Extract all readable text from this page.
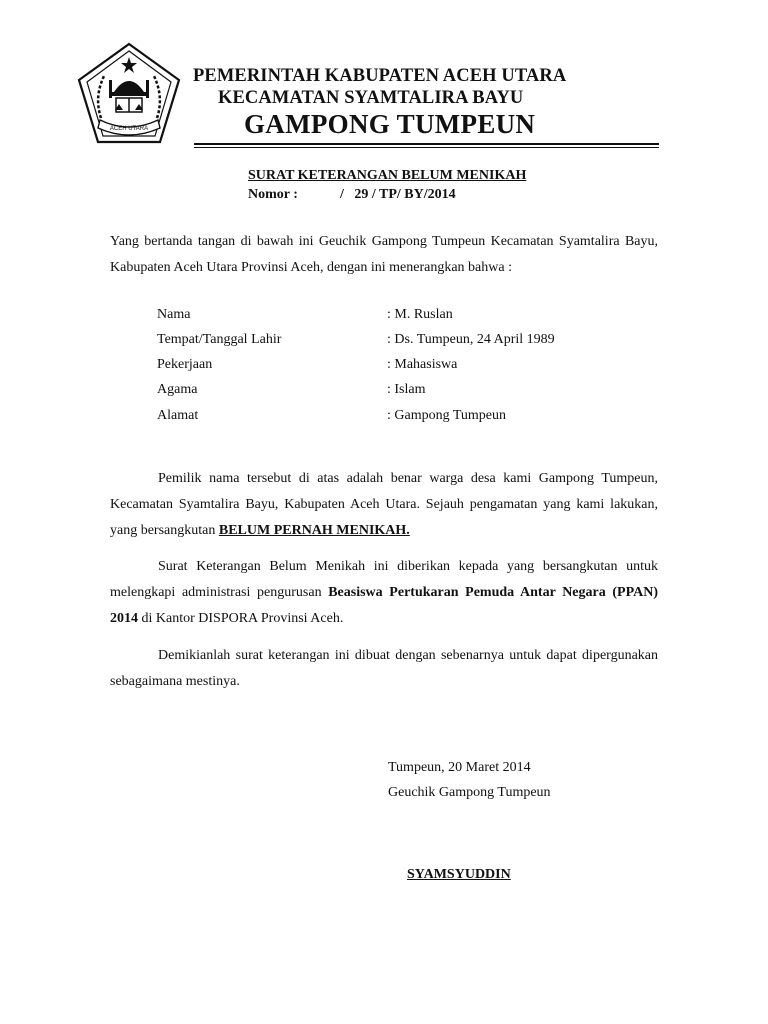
ACEH UTARA
PEMERINTAH KABUPATEN ACEH UTARA
KECAMATAN SYAMTALIRA BAYU
GAMPONG TUMPEUN
SURAT KETERANGAN BELUM MENIKAH
Nomor :	/   29 / TP/ BY/2014
Yang bertanda tangan di bawah ini Geuchik Gampong Tumpeun Kecamatan Syamtalira Bayu, Kabupaten Aceh Utara Provinsi Aceh, dengan ini menerangkan bahwa :
Nama	: M. Ruslan
Tempat/Tanggal Lahir	: Ds. Tumpeun, 24 April 1989
Pekerjaan	: Mahasiswa
Agama	: Islam
Alamat	: Gampong Tumpeun
Pemilik nama tersebut di atas adalah benar warga desa kami Gampong Tumpeun, Kecamatan Syamtalira Bayu, Kabupaten Aceh Utara. Sejauh pengamatan yang kami lakukan, yang bersangkutan BELUM PERNAH MENIKAH.
Surat Keterangan Belum Menikah ini diberikan kepada yang bersangkutan untuk melengkapi administrasi pengurusan Beasiswa Pertukaran Pemuda Antar Negara (PPAN) 2014 di Kantor DISPORA Provinsi Aceh.
Demikianlah surat keterangan ini dibuat dengan sebenarnya untuk dapat dipergunakan sebagaimana mestinya.
Tumpeun, 20 Maret 2014
Geuchik Gampong Tumpeun
SYAMSYUDDIN
